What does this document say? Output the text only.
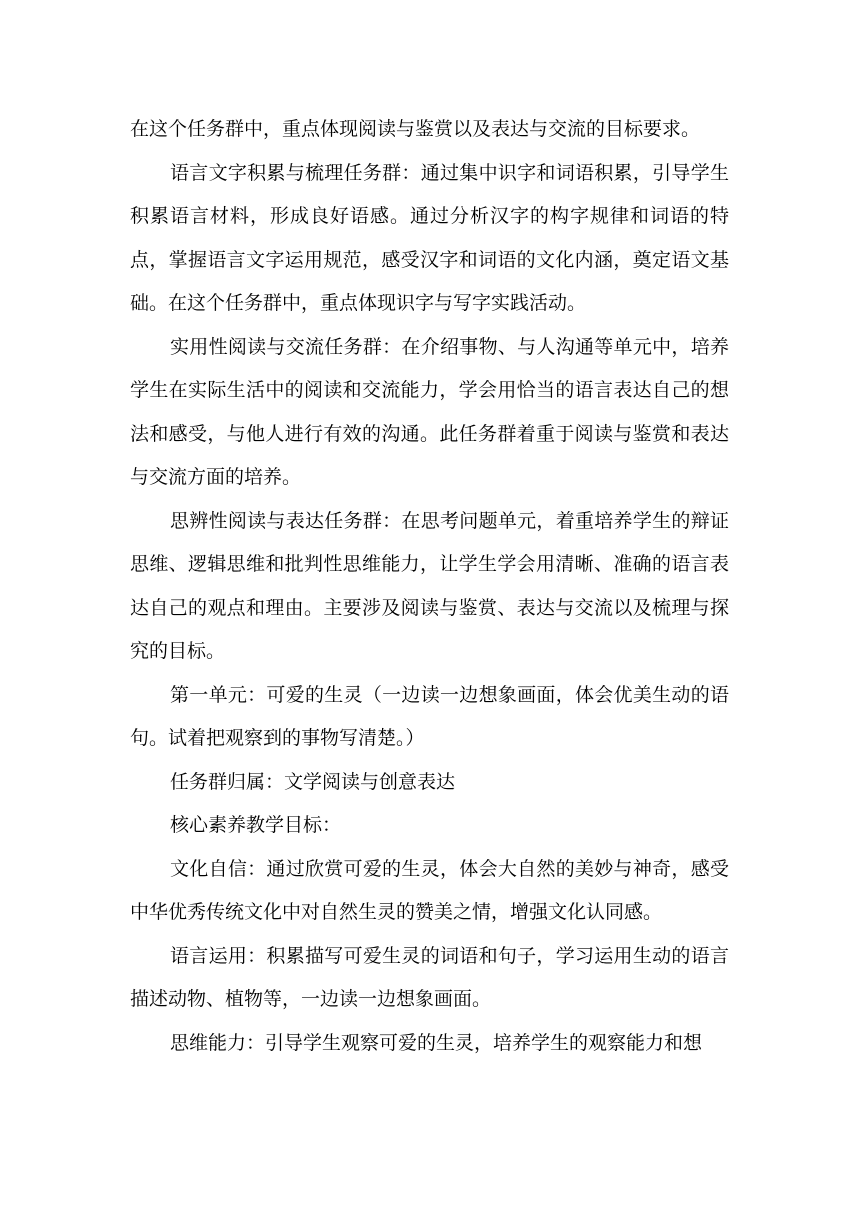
在这个任务群中，重点体现阅读与鉴赏以及表达与交流的目标要求。

语言文字积累与梳理任务群：通过集中识字和词语积累，引导学生积累语言材料，形成良好语感。通过分析汉字的构字规律和词语的特点，掌握语言文字运用规范，感受汉字和词语的文化内涵，奠定语文基础。在这个任务群中，重点体现识字与写字实践活动。

实用性阅读与交流任务群：在介绍事物、与人沟通等单元中，培养学生在实际生活中的阅读和交流能力，学会用恰当的语言表达自己的想法和感受，与他人进行有效的沟通。此任务群着重于阅读与鉴赏和表达与交流方面的培养。

思辨性阅读与表达任务群：在思考问题单元，着重培养学生的辩证思维、逻辑思维和批判性思维能力，让学生学会用清晰、准确的语言表达自己的观点和理由。主要涉及阅读与鉴赏、表达与交流以及梳理与探究的目标。

第一单元：可爱的生灵（一边读一边想象画面，体会优美生动的语句。试着把观察到的事物写清楚。）

任务群归属：文学阅读与创意表达

核心素养教学目标：

文化自信：通过欣赏可爱的生灵，体会大自然的美妙与神奇，感受中华优秀传统文化中对自然生灵的赞美之情，增强文化认同感。

语言运用：积累描写可爱生灵的词语和句子，学习运用生动的语言描述动物、植物等，一边读一边想象画面。

思维能力：引导学生观察可爱的生灵，培养学生的观察能力和想
